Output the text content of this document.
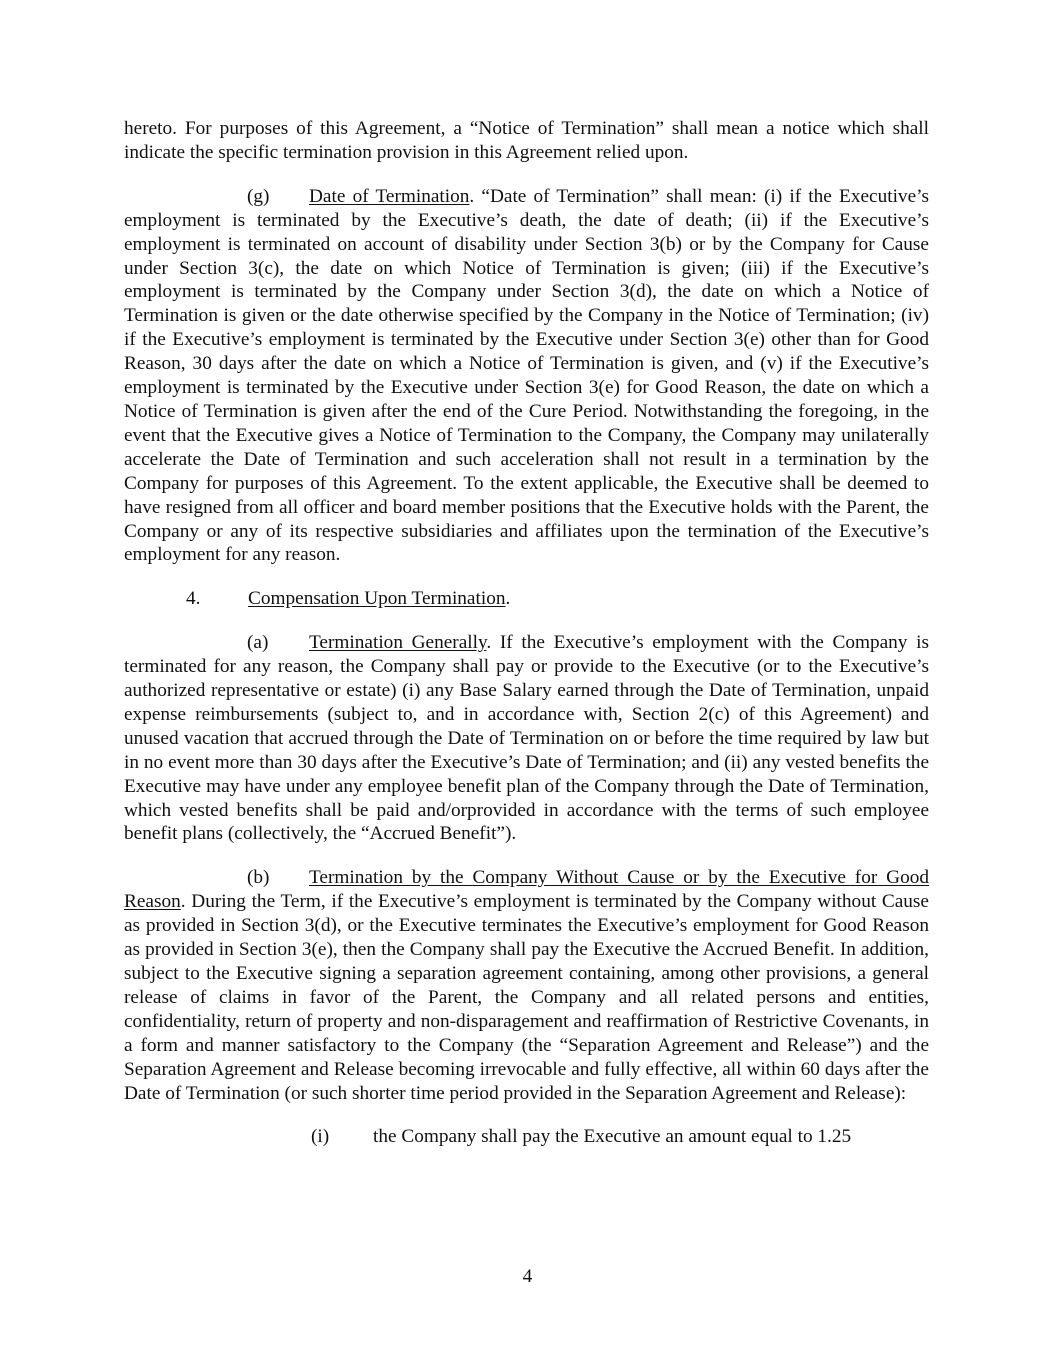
hereto. For purposes of this Agreement, a “Notice of Termination” shall mean a notice which shall indicate the specific termination provision in this Agreement relied upon.

(g) Date of Termination. “Date of Termination” shall mean: (i) if the Executive’s employment is terminated by the Executive’s death, the date of death; (ii) if the Executive’s employment is terminated on account of disability under Section 3(b) or by the Company for Cause under Section 3(c), the date on which Notice of Termination is given; (iii) if the Executive’s employment is terminated by the Company under Section 3(d), the date on which a Notice of Termination is given or the date otherwise specified by the Company in the Notice of Termination; (iv) if the Executive’s employment is terminated by the Executive under Section 3(e) other than for Good Reason, 30 days after the date on which a Notice of Termination is given, and (v) if the Executive’s employment is terminated by the Executive under Section 3(e) for Good Reason, the date on which a Notice of Termination is given after the end of the Cure Period. Notwithstanding the foregoing, in the event that the Executive gives a Notice of Termination to the Company, the Company may unilaterally accelerate the Date of Termination and such acceleration shall not result in a termination by the Company for purposes of this Agreement. To the extent applicable, the Executive shall be deemed to have resigned from all officer and board member positions that the Executive holds with the Parent, the Company or any of its respective subsidiaries and affiliates upon the termination of the Executive’s employment for any reason.

4. Compensation Upon Termination.

(a) Termination Generally. If the Executive’s employment with the Company is terminated for any reason, the Company shall pay or provide to the Executive (or to the Executive’s authorized representative or estate) (i) any Base Salary earned through the Date of Termination, unpaid expense reimbursements (subject to, and in accordance with, Section 2(c) of this Agreement) and unused vacation that accrued through the Date of Termination on or before the time required by law but in no event more than 30 days after the Executive’s Date of Termination; and (ii) any vested benefits the Executive may have under any employee benefit plan of the Company through the Date of Termination, which vested benefits shall be paid and/orprovided in accordance with the terms of such employee benefit plans (collectively, the “Accrued Benefit”).

(b) Termination by the Company Without Cause or by the Executive for Good Reason. During the Term, if the Executive’s employment is terminated by the Company without Cause as provided in Section 3(d), or the Executive terminates the Executive’s employment for Good Reason as provided in Section 3(e), then the Company shall pay the Executive the Accrued Benefit. In addition, subject to the Executive signing a separation agreement containing, among other provisions, a general release of claims in favor of the Parent, the Company and all related persons and entities, confidentiality, return of property and non-disparagement and reaffirmation of Restrictive Covenants, in a form and manner satisfactory to the Company (the “Separation Agreement and Release”) and the Separation Agreement and Release becoming irrevocable and fully effective, all within 60 days after the Date of Termination (or such shorter time period provided in the Separation Agreement and Release):

(i) the Company shall pay the Executive an amount equal to 1.25

4
